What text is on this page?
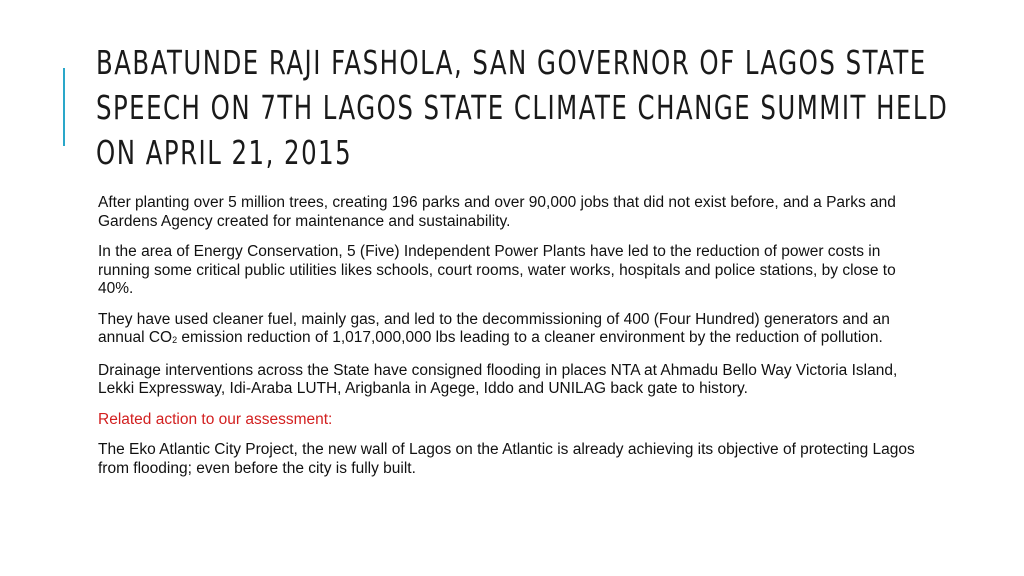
BABATUNDE RAJI FASHOLA, SAN GOVERNOR OF LAGOS STATE SPEECH ON 7TH LAGOS STATE CLIMATE CHANGE SUMMIT HELD ON APRIL 21, 2015

After planting over 5 million trees, creating 196 parks and over 90,000 jobs that did not exist before, and a Parks and Gardens Agency created for maintenance and sustainability.

In the area of Energy Conservation, 5 (Five) Independent Power Plants have led to the reduction of power costs in running some critical public utilities likes schools, court rooms, water works, hospitals and police stations, by close to 40%.

They have used cleaner fuel, mainly gas, and led to the decommissioning of 400 (Four Hundred) generators and an annual $CO_2$ emission reduction of 1,017,000,000 lbs leading to a cleaner environment by the reduction of pollution.

Drainage interventions across the State have consigned flooding in places NTA at Ahmadu Bello Way Victoria Island, Lekki Expressway, Idi-Araba LUTH, Arigbanla in Agege, Iddo and UNILAG back gate to history.

Related action to our assessment:

The Eko Atlantic City Project, the new wall of Lagos on the Atlantic is already achieving its objective of protecting Lagos from flooding; even before the city is fully built.
